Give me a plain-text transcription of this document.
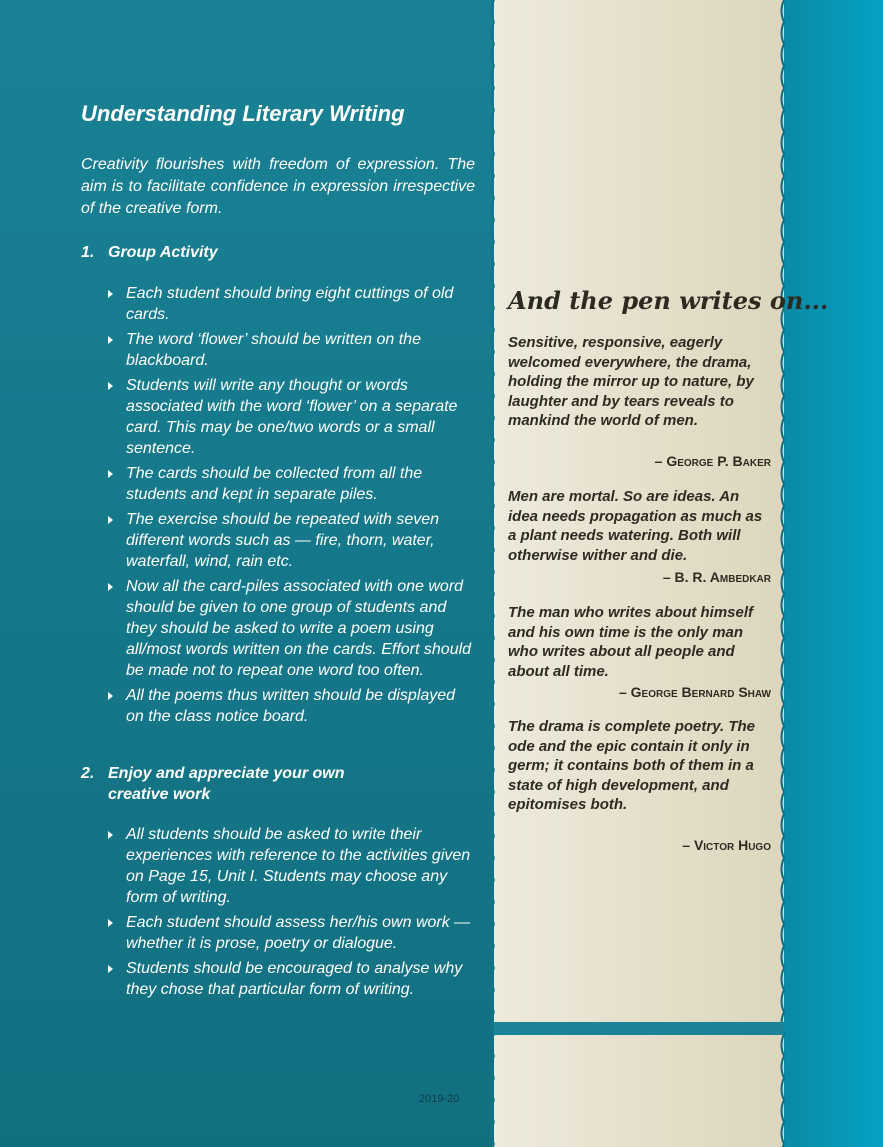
Understanding Literary Writing

Creativity flourishes with freedom of expression. The aim is to facilitate confidence in expression irrespective of the creative form.

1. Group Activity
Each student should bring eight cuttings of old cards.
The word ‘flower’ should be written on the blackboard.
Students will write any thought or words associated with the word ‘flower’ on a separate card. This may be one/two words or a small sentence.
The cards should be collected from all the students and kept in separate piles.
The exercise should be repeated with seven different words such as — fire, thorn, water, waterfall, wind, rain etc.
Now all the card-piles associated with one word should be given to one group of students and they should be asked to write a poem using all/most words written on the cards. Effort should be made not to repeat one word too often.
All the poems thus written should be displayed on the class notice board.
2. Enjoy and appreciate your own
creative work
All students should be asked to write their experiences with reference to the activities given on Page 15, Unit I. Students may choose any form of writing.
Each student should assess her/his own work — whether it is prose, poetry or dialogue.
Students should be encouraged to analyse why they chose that particular form of writing.
2019-20
And the pen writes on...

Sensitive, responsive, eagerly welcomed everywhere, the drama, holding the mirror up to nature, by laughter and by tears reveals to mankind the world of men.

– George P. Baker

Men are mortal. So are ideas. An idea needs propagation as much as a plant needs watering. Both will otherwise wither and die.

– B. R. Ambedkar

The man who writes about himself and his own time is the only man who writes about all people and about all time.

– George Bernard Shaw

The drama is complete poetry. The ode and the epic contain it only in germ; it contains both of them in a state of high development, and epitomises both.

– Victor Hugo
